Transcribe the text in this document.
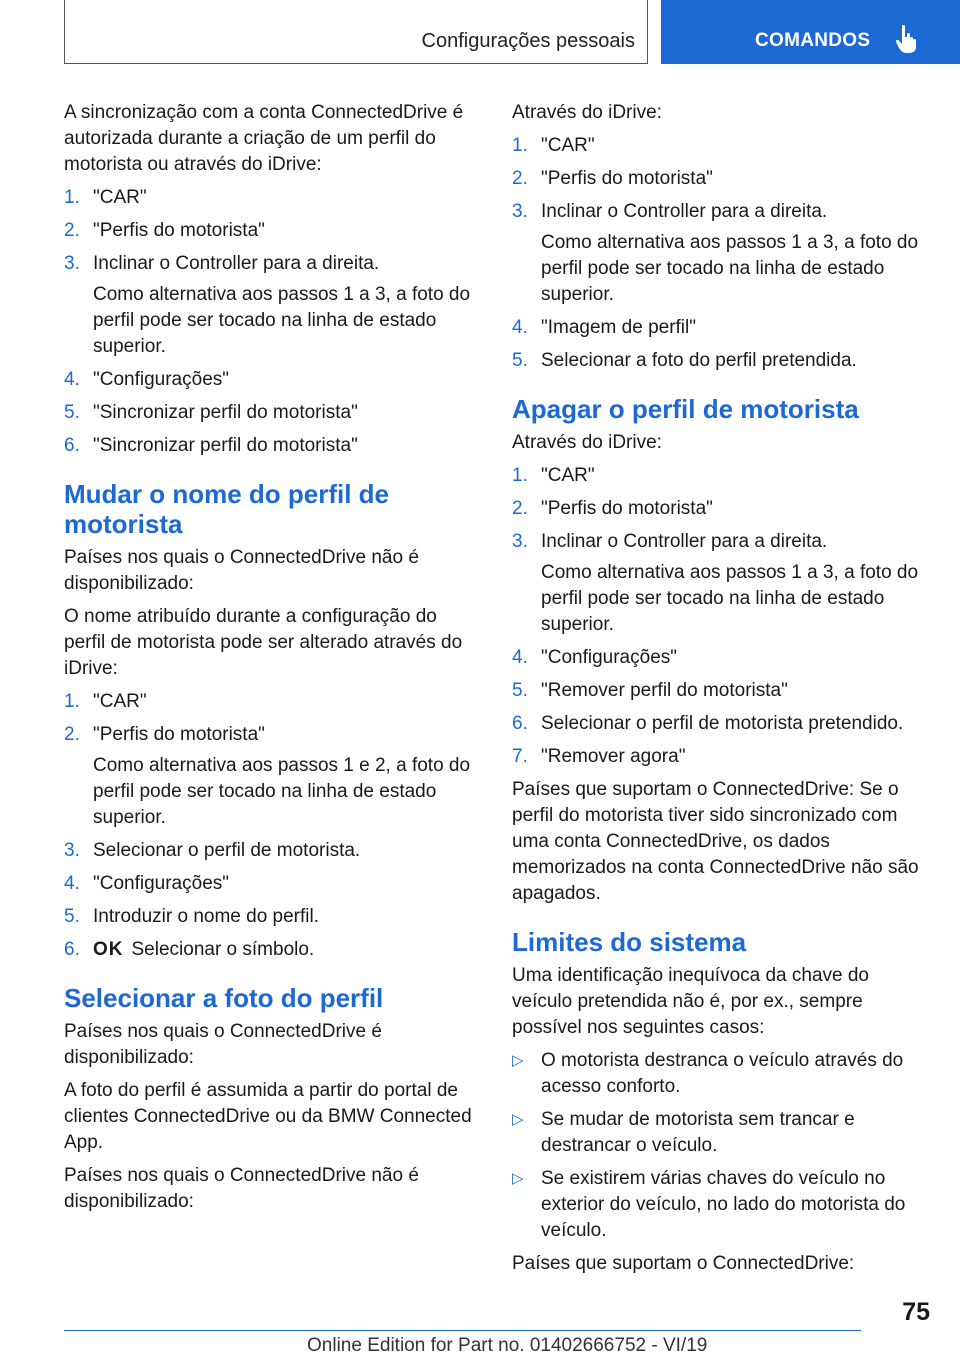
Configurações pessoais	COMANDOS

A sincronização com a conta ConnectedDrive é autorizada durante a criação de um perfil do motorista ou através do iDrive:

1. "CAR"
2. "Perfis do motorista"
3. Inclinar o Controller para a direita.
Como alternativa aos passos 1 a 3, a foto do perfil pode ser tocado na linha de estado superior.
4. "Configurações"
5. "Sincronizar perfil do motorista"
6. "Sincronizar perfil do motorista"
Mudar o nome do perfil de motorista

Países nos quais o ConnectedDrive não é disponibilizado:

O nome atribuído durante a configuração do perfil de motorista pode ser alterado através do iDrive:

1. "CAR"
2. "Perfis do motorista"
Como alternativa aos passos 1 e 2, a foto do perfil pode ser tocado na linha de estado superior.
3. Selecionar o perfil de motorista.
4. "Configurações"
5. Introduzir o nome do perfil.
6. OK Selecionar o símbolo.
Selecionar a foto do perfil

Países nos quais o ConnectedDrive é disponibilizado:

A foto do perfil é assumida a partir do portal de clientes ConnectedDrive ou da BMW Connected App.

Países nos quais o ConnectedDrive não é disponibilizado:

Através do iDrive:

1. "CAR"
2. "Perfis do motorista"
3. Inclinar o Controller para a direita.
Como alternativa aos passos 1 a 3, a foto do perfil pode ser tocado na linha de estado superior.
4. "Imagem de perfil"
5. Selecionar a foto do perfil pretendida.
Apagar o perfil de motorista

Através do iDrive:

1. "CAR"
2. "Perfis do motorista"
3. Inclinar o Controller para a direita.
Como alternativa aos passos 1 a 3, a foto do perfil pode ser tocado na linha de estado superior.
4. "Configurações"
5. "Remover perfil do motorista"
6. Selecionar o perfil de motorista pretendido.
7. "Remover agora"

Países que suportam o ConnectedDrive: Se o perfil do motorista tiver sido sincronizado com uma conta ConnectedDrive, os dados memorizados na conta ConnectedDrive não são apagados.

Limites do sistema

Uma identificação inequívoca da chave do veículo pretendida não é, por ex., sempre possível nos seguintes casos:

▷ O motorista destranca o veículo através do acesso conforto.
▷ Se mudar de motorista sem trancar e destrancar o veículo.
▷ Se existirem várias chaves do veículo no exterior do veículo, no lado do motorista do veículo.

Países que suportam o ConnectedDrive:

75
Online Edition for Part no. 01402666752 - VI/19
